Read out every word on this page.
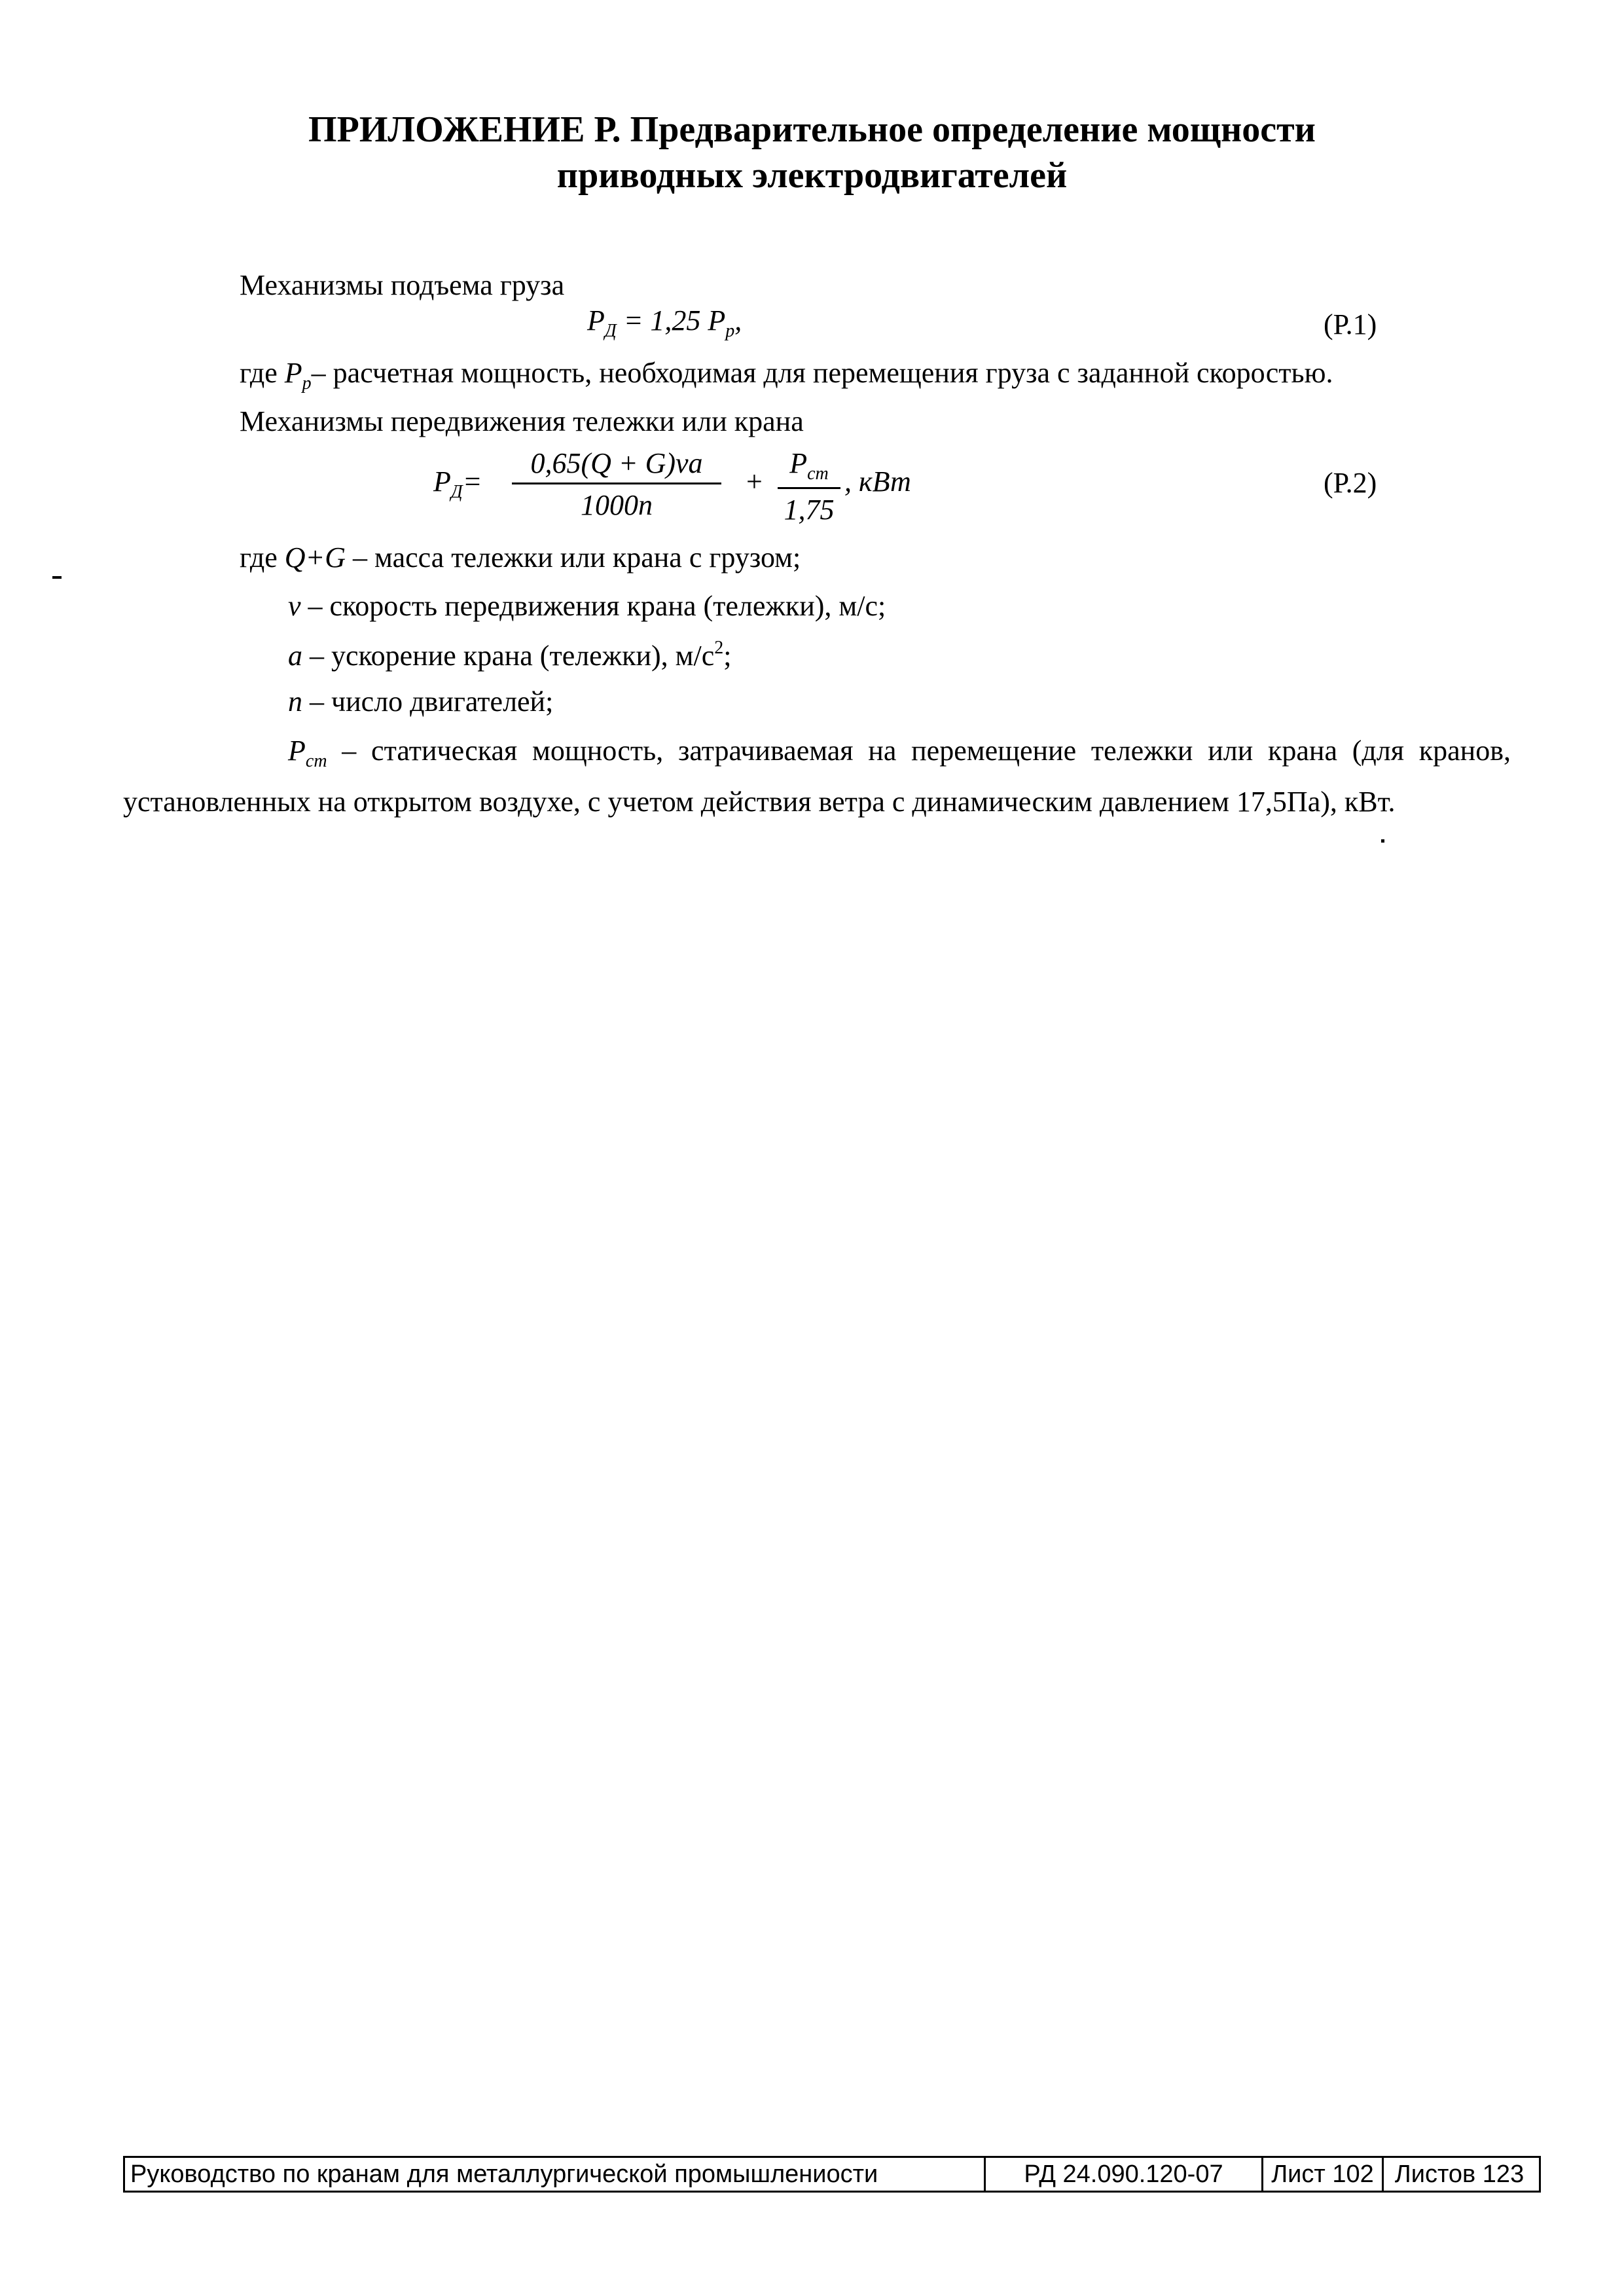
ПРИЛОЖЕНИЕ Р. Предварительное определение мощности
приводных электродвигателей
Механизмы подъема груза
$P_Д = 1,25$ $P_р$,	(Р.1)
где $P_р-$ расчетная мощность, необходимая для перемещения груза с заданной скоростью.
Механизмы передвижения тележки или крана
$P_Д= \frac{0,65(Q + G)va}{1000n}$ +
$P_{ст}$
1,75
, кВт	(Р.2)
где Q+G – масса тележки или крана с грузом;
v – скорость передвижения крана (тележки), м/с;
a – ускорение крана (тележки), $м/с^2$;
n – число двигателей;
$P_{ст}$ – статическая мощность, затрачиваемая на перемещение тележки или крана (для кранов, установленных на открытом воздухе, с учетом действия ветра с динамическим давлением 17,5Па), кВт.
Руководство по кранам для металлургической промышлениости	РД 24.090.120-07	Лист 102 Листов 123
